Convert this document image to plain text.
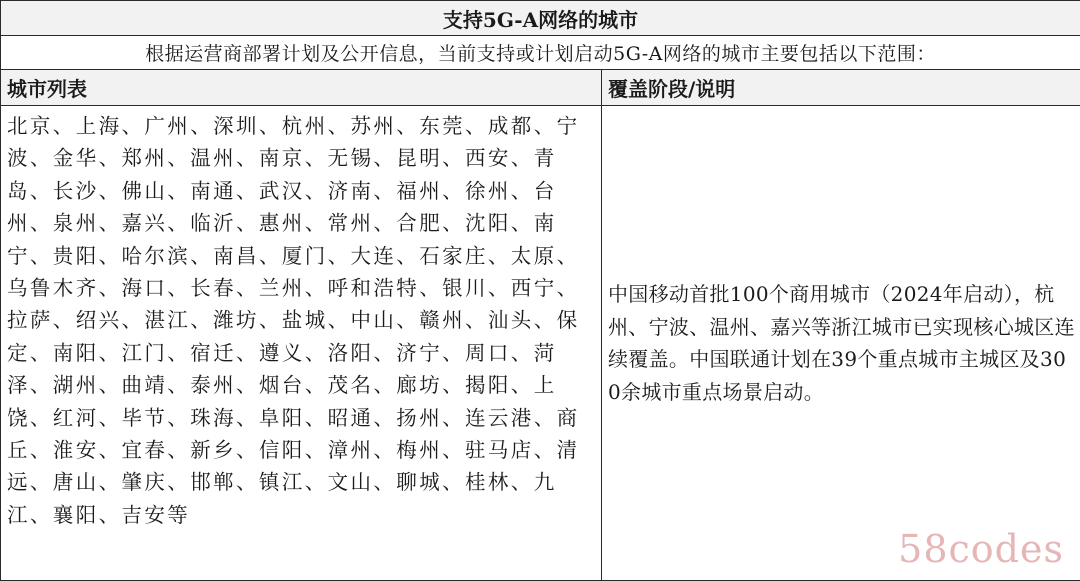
支持5G-A网络的城市	
根据运营商部署计划及公开信息，当前支持或计划启动5G-A网络的城市主要包括以下范围：	
城市列表	覆盖阶段/说明

北京、上海、广州、深圳、杭州、苏州、东莞、成都、宁波、金华、郑州、温州、南京、无锡、昆明、西安、青岛、长沙、佛山、南通、武汉、济南、福州、徐州、台州、泉州、嘉兴、临沂、惠州、常州、合肥、沈阳、南宁、贵阳、哈尔滨、南昌、厦门、大连、石家庄、太原、乌鲁木齐、海口、长春、兰州、呼和浩特、银川、西宁、拉萨、绍兴、湛江、潍坊、盐城、中山、赣州、汕头、保定、南阳、江门、宿迁、遵义、洛阳、济宁、周口、菏泽、湖州、曲靖、泰州、烟台、茂名、廊坊、揭阳、上饶、红河、毕节、珠海、阜阳、昭通、扬州、连云港、商丘、淮安、宜春、新乡、信阳、漳州、梅州、驻马店、清远、唐山、肇庆、邯郸、镇江、文山、聊城、桂林、九江、襄阳、吉安等	中国移动首批100个商用城市（2024年启动），杭州、宁波、温州、嘉兴等浙江城市已实现核心城区连续覆盖。中国联通计划在39个重点城市主城区及300余城市重点场景启动。
58codes
